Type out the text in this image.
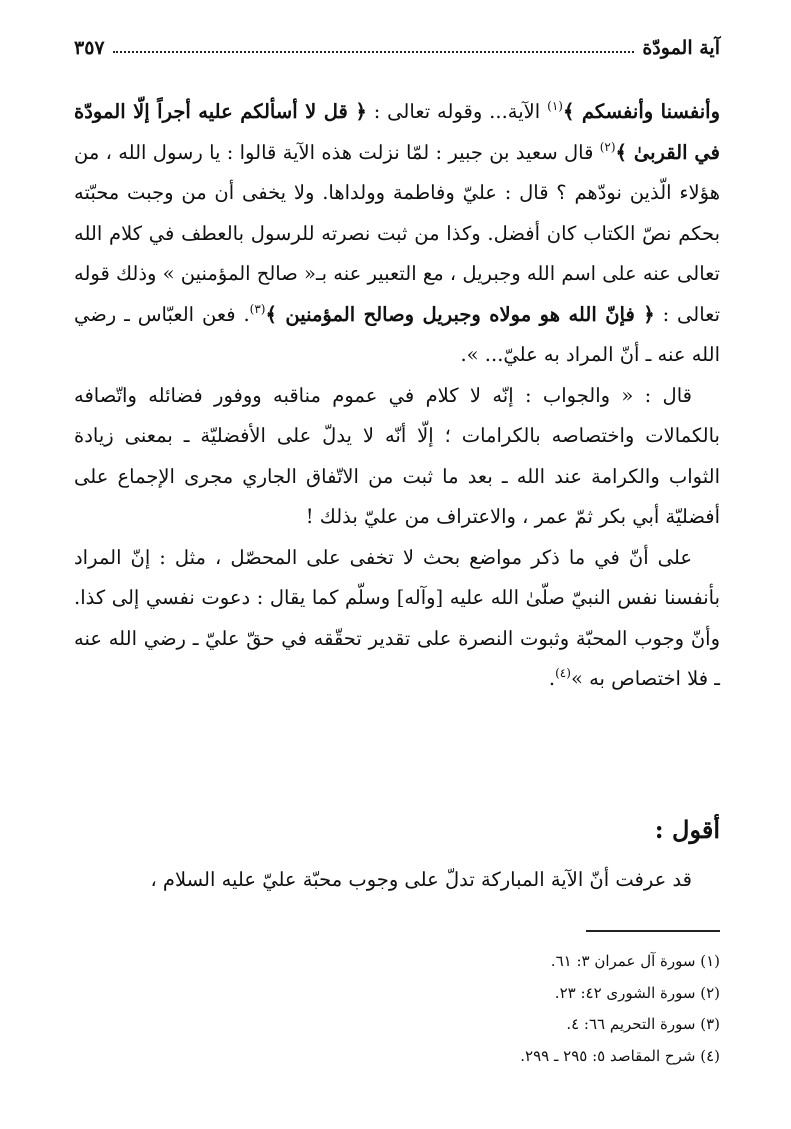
آية المودّة
٣٥٧

وأنفسنا وأنفسكم ﴾$^{(١)}$ الآية... وقوله تعالى : ﴿ قل لا أسألكم عليه أجراً إلّا المودّة في القربىٰ ﴾$^{(٢)}$ قال سعيد بن جبير : لمّا نزلت هذه الآية قالوا : يا رسول الله ، من هؤلاء الّذين نودّهم ؟ قال : عليّ وفاطمة وولداها. ولا يخفى أن من وجبت محبّته بحكم نصّ الكتاب كان أفضل. وكذا من ثبت نصرته للرسول بالعطف في كلام الله تعالى عنه على اسم الله وجبريل ، مع التعبير عنه بـ« صالح المؤمنين » وذلك قوله تعالى : ﴿ فإنّ الله هو مولاه وجبريل وصالح المؤمنين ﴾$^{(٣)}$. فعن العبّاس ـ رضي الله عنه ـ أنّ المراد به عليّ... ».

قال : « والجواب : إنّه لا كلام في عموم مناقبه ووفور فضائله واتّصافه بالكمالات واختصاصه بالكرامات ؛ إلّا أنّه لا يدلّ على الأفضليّة ـ بمعنى زيادة الثواب والكرامة عند الله ـ بعد ما ثبت من الاتّفاق الجاري مجرى الإجماع على أفضليّة أبي بكر ثمّ عمر ، والاعتراف من عليّ بذلك !

على أنّ في ما ذكر مواضع بحث لا تخفى على المحصّل ، مثل : إنّ المراد بأنفسنا نفس النبيّ صلّىٰ الله عليه [وآله] وسلّم كما يقال : دعوت نفسي إلى كذا. وأنّ وجوب المحبّة وثبوت النصرة على تقدير تحقّقه في حقّ عليّ ـ رضي الله عنه ـ فلا اختصاص به »$^{(٤)}$.

أقول :
قد عرفت أنّ الآية المباركة تدلّ على وجوب محبّة عليّ عليه السلام ،
(١) سورة آل عمران ٣: ٦١.
(٢) سورة الشورى ٤٢: ٢٣.
(٣) سورة التحريم ٦٦: ٤.
(٤) شرح المقاصد ٥: ٢٩٥ ـ ٢٩٩.
